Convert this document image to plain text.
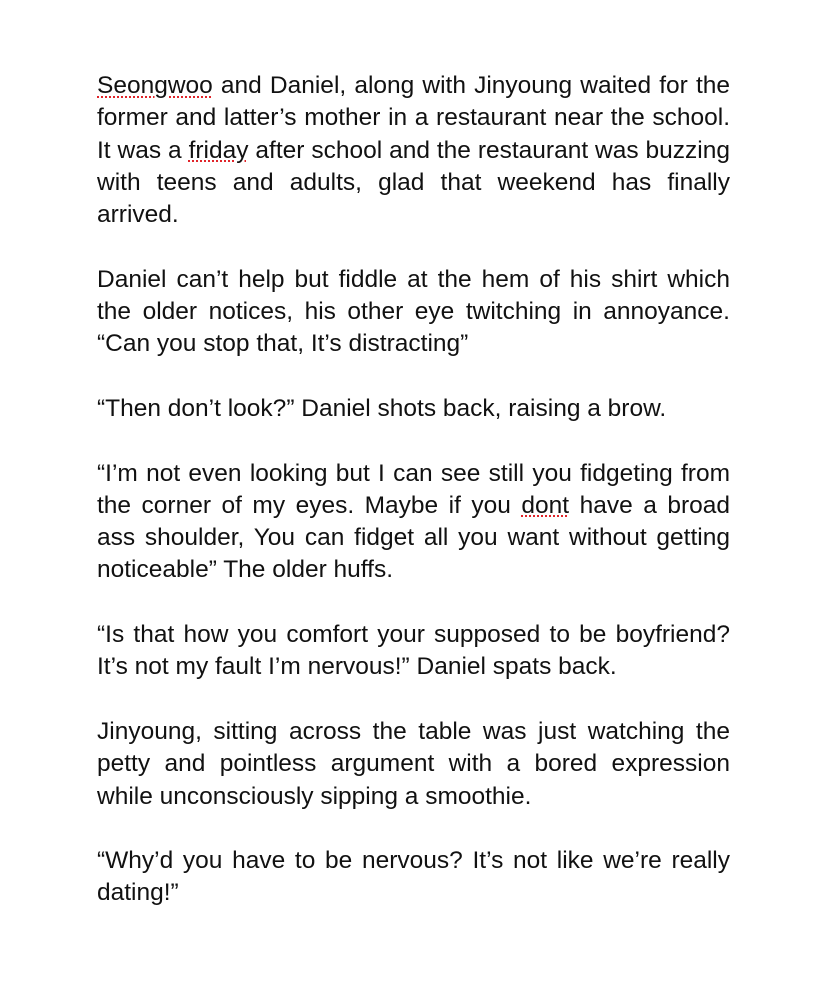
Seongwoo and Daniel, along with Jinyoung waited for the former and latter’s mother in a restaurant near the school. It was a friday after school and the restaurant was buzzing with teens and adults, glad that weekend has finally arrived.

Daniel can’t help but fiddle at the hem of his shirt which the older notices, his other eye twitching in annoyance. “Can you stop that, It’s distracting”

“Then don’t look?” Daniel shots back, raising a brow.

“I’m not even looking but I can see still you fidgeting from the corner of my eyes. Maybe if you dont have a broad ass shoulder, You can fidget all you want without getting noticeable” The older huffs.

“Is that how you comfort your supposed to be boyfriend? It’s not my fault I’m nervous!” Daniel spats back.

Jinyoung, sitting across the table was just watching the petty and pointless argument with a bored expression while unconsciously sipping a smoothie.

“Why’d you have to be nervous? It’s not like we’re really dating!”
